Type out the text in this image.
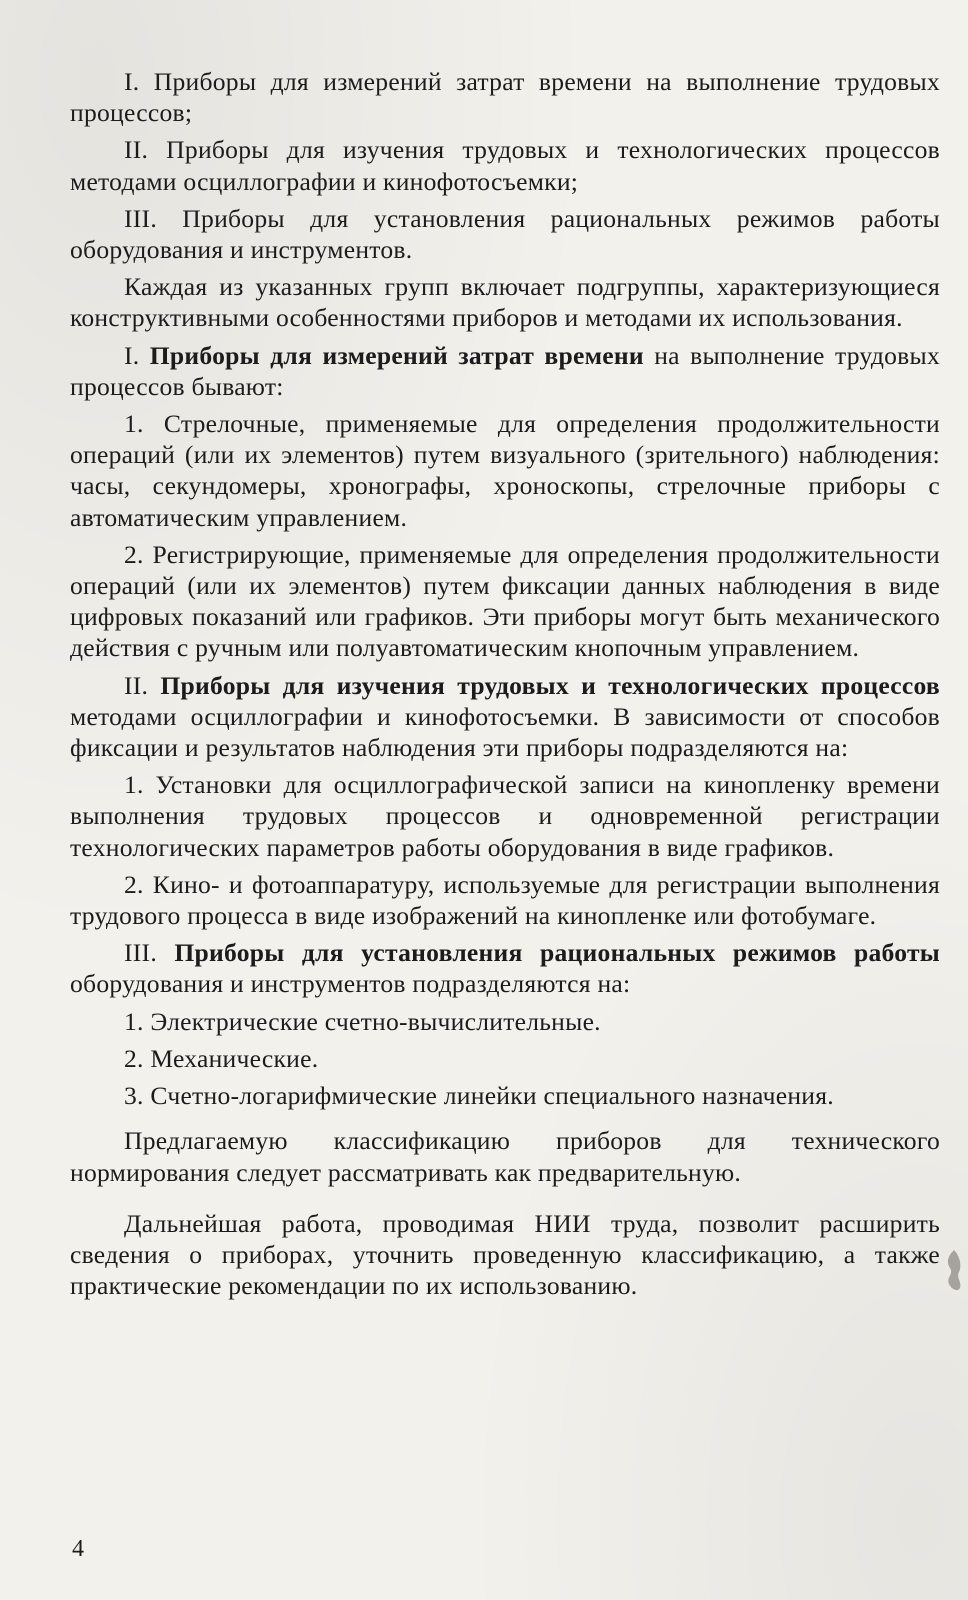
I. Приборы для измерений затрат времени на выполнение трудовых процессов;

II. Приборы для изучения трудовых и технологических процессов методами осциллографии и кинофотосъемки;

III. Приборы для установления рациональных режимов работы оборудования и инструментов.

Каждая из указанных групп включает подгруппы, характеризующиеся конструктивными особенностями приборов и методами их использования.

I. Приборы для измерений затрат времени на выполнение трудовых процессов бывают:

1. Стрелочные, применяемые для определения продолжительности операций (или их элементов) путем визуального (зрительного) наблюдения: часы, секундомеры, хронографы, хроноскопы, стрелочные приборы с автоматическим управлением.

2. Регистрирующие, применяемые для определения продолжительности операций (или их элементов) путем фиксации данных наблюдения в виде цифровых показаний или графиков. Эти приборы могут быть механического действия с ручным или полуавтоматическим кнопочным управлением.

II. Приборы для изучения трудовых и технологических процессов методами осциллографии и кинофотосъемки. В зависимости от способов фиксации и результатов наблюдения эти приборы подразделяются на:

1. Установки для осциллографической записи на кинопленку времени выполнения трудовых процессов и одновременной регистрации технологических параметров работы оборудования в виде графиков.

2. Кино- и фотоаппаратуру, используемые для регистрации выполнения трудового процесса в виде изображений на кинопленке или фотобумаге.

III. Приборы для установления рациональных режимов работы оборудования и инструментов подразделяются на:

1. Электрические счетно-вычислительные.

2. Механические.

3. Счетно-логарифмические линейки специального назначения.

Предлагаемую классификацию приборов для технического нормирования следует рассматривать как предварительную.

Дальнейшая работа, проводимая НИИ труда, позволит расширить сведения о приборах, уточнить проведенную классификацию, а также практические рекомендации по их использованию.

4
